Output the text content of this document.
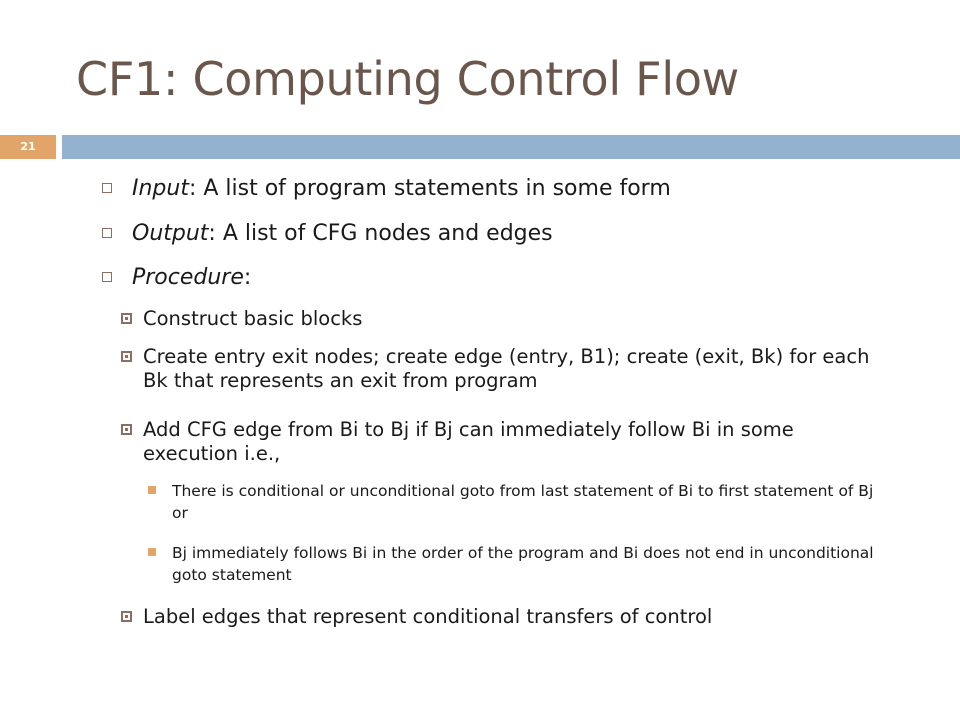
CF1: Computing Control Flow
21
Input: A list of program statements in some form
Output: A list of CFG nodes and edges
Procedure:
Construct basic blocks
Create entry exit nodes; create edge (entry, B1); create (exit, Bk) for each Bk that represents an exit from program
Add CFG edge from Bi to Bj if Bj can immediately follow Bi in some execution i.e.,
There is conditional or unconditional goto from last statement of Bi to first statement of Bj or
Bj immediately follows Bi in the order of the program and Bi does not end in unconditional goto statement
Label edges that represent conditional transfers of control
